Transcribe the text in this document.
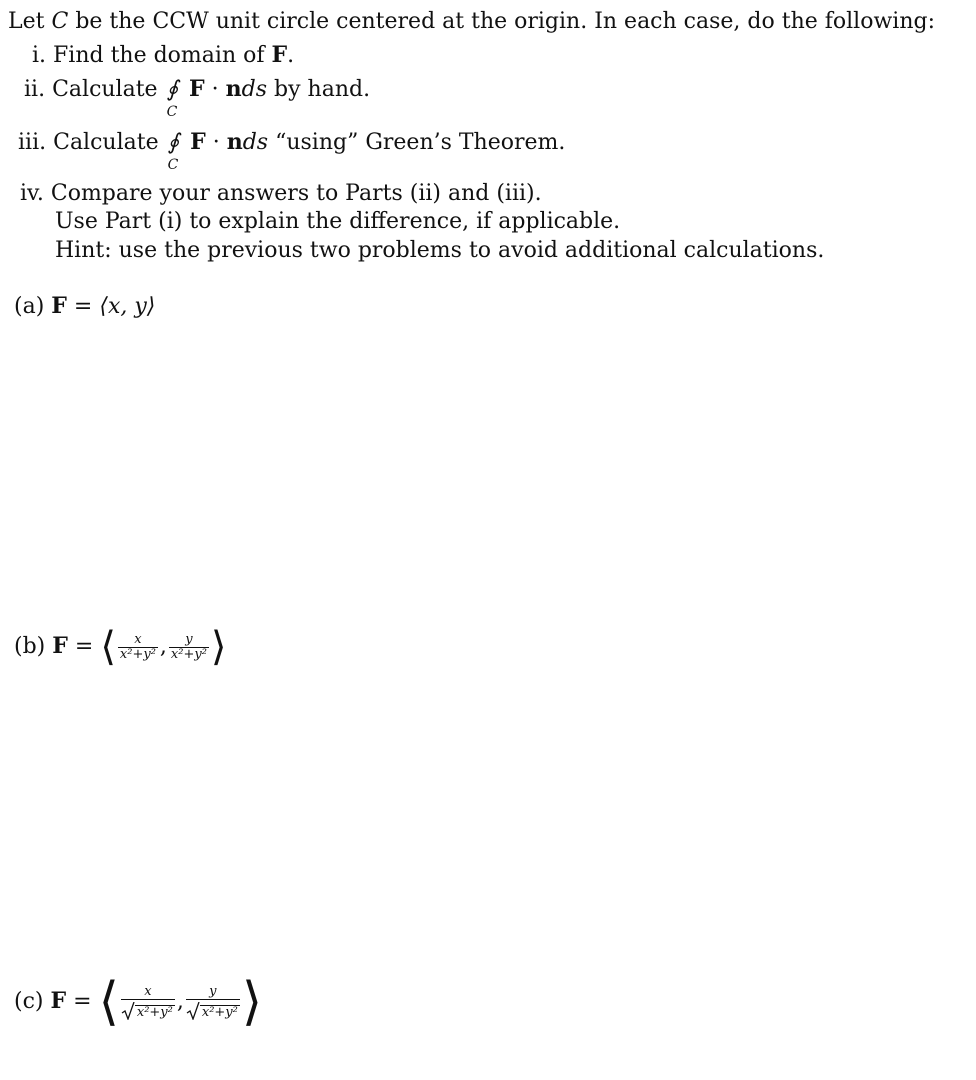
Let C be the CCW unit circle centered at the origin. In each case, do the following:
i. Find the domain of F.
ii. Calculate ∮
C
F · nds by hand.
iii. Calculate ∮
C
F · nds “using” Green’s Theorem.
iv. Compare your answers to Parts (ii) and (iii).
Use Part (i) to explain the difference, if applicable.
Hint: use the previous two problems to avoid additional calculations.
(a) F = ⟨x, y⟩
(b) F = ⟨ $\frac{x}{\text{x²+y²}}$ , $\frac{y}{\text{x²+y²}}$ ⟩
(c) F = ⟨ $\frac{x}{\text{x²+y²}}$ , $\frac{y}{\text{x²+y²}}$ ⟩
